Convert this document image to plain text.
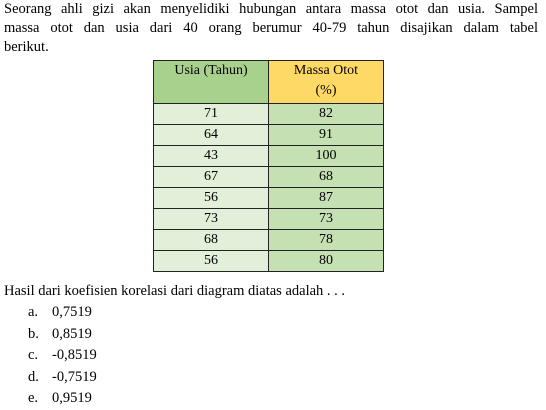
Seorang ahli gizi akan menyelidiki hubungan antara massa otot dan usia. Sampel
massa otot dan usia dari 40 orang berumur 40-79 tahun disajikan dalam tabel
berikut.

Usia (Tahun)	Massa Otot
(%)

71	82
64	91
43	100
67	68
56	87
73	73
68	78
56	80

Hasil dari koefisien korelasi dari diagram diatas adalah . . .

a. 0,7519
b. 0,8519
c. -0,8519
d. -0,7519
e. 0,9519
